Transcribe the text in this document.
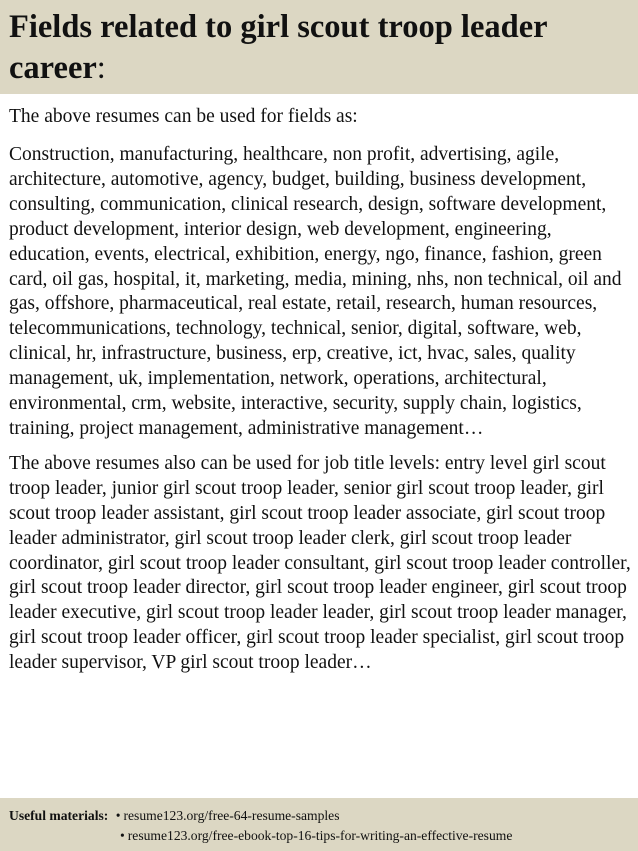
Fields related to girl scout troop leader career:

The above resumes can be used for fields as:

Construction, manufacturing, healthcare, non profit, advertising, agile, architecture, automotive, agency, budget, building, business development, consulting, communication, clinical research, design, software development, product development, interior design, web development, engineering, education, events, electrical, exhibition, energy, ngo, finance, fashion, green card, oil gas, hospital, it, marketing, media, mining, nhs, non technical, oil and gas, offshore, pharmaceutical, real estate, retail, research, human resources, telecommunications, technology, technical, senior, digital, software, web, clinical, hr, infrastructure, business, erp, creative, ict, hvac, sales, quality management, uk, implementation, network, operations, architectural, environmental, crm, website, interactive, security, supply chain, logistics, training, project management, administrative management…

The above resumes also can be used for job title levels: entry level girl scout troop leader, junior girl scout troop leader, senior girl scout troop leader, girl scout troop leader assistant, girl scout troop leader associate, girl scout troop leader administrator, girl scout troop leader clerk, girl scout troop leader coordinator, girl scout troop leader consultant, girl scout troop leader controller, girl scout troop leader director, girl scout troop leader engineer, girl scout troop leader executive, girl scout troop leader leader, girl scout troop leader manager, girl scout troop leader officer, girl scout troop leader specialist, girl scout troop leader supervisor, VP girl scout troop leader…

Useful materials: • resume123.org/free-64-resume-samples
• resume123.org/free-ebook-top-16-tips-for-writing-an-effective-resume
